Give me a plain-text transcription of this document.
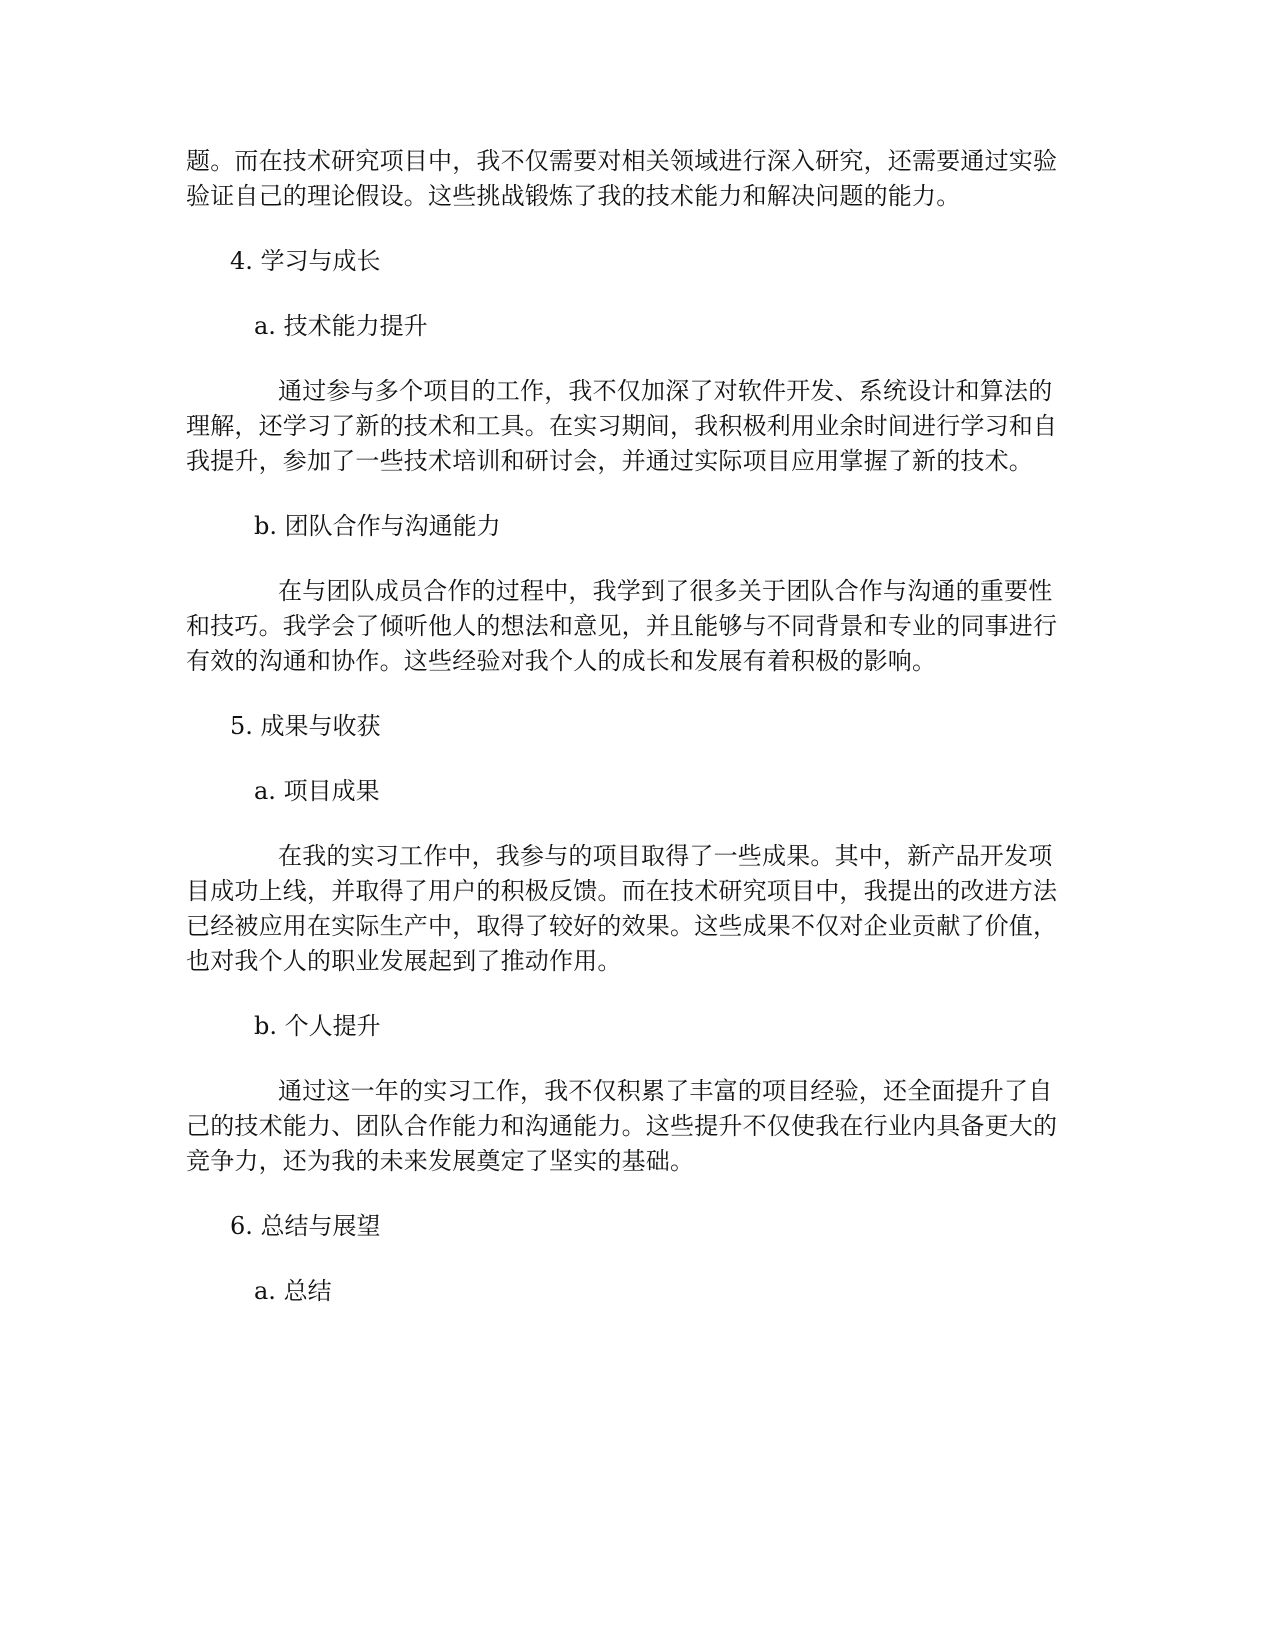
题。而在技术研究项目中，我不仅需要对相关领域进行深入研究，还需要通过实验
验证自己的理论假设。这些挑战锻炼了我的技术能力和解决问题的能力。
4. 学习与成长
a. 技术能力提升
通过参与多个项目的工作，我不仅加深了对软件开发、系统设计和算法的
理解，还学习了新的技术和工具。在实习期间，我积极利用业余时间进行学习和自
我提升，参加了一些技术培训和研讨会，并通过实际项目应用掌握了新的技术。
b. 团队合作与沟通能力
在与团队成员合作的过程中，我学到了很多关于团队合作与沟通的重要性
和技巧。我学会了倾听他人的想法和意见，并且能够与不同背景和专业的同事进行
有效的沟通和协作。这些经验对我个人的成长和发展有着积极的影响。
5. 成果与收获
a. 项目成果
在我的实习工作中，我参与的项目取得了一些成果。其中，新产品开发项
目成功上线，并取得了用户的积极反馈。而在技术研究项目中，我提出的改进方法
已经被应用在实际生产中，取得了较好的效果。这些成果不仅对企业贡献了价值，
也对我个人的职业发展起到了推动作用。
b. 个人提升
通过这一年的实习工作，我不仅积累了丰富的项目经验，还全面提升了自
己的技术能力、团队合作能力和沟通能力。这些提升不仅使我在行业内具备更大的
竞争力，还为我的未来发展奠定了坚实的基础。
6. 总结与展望
a. 总结
